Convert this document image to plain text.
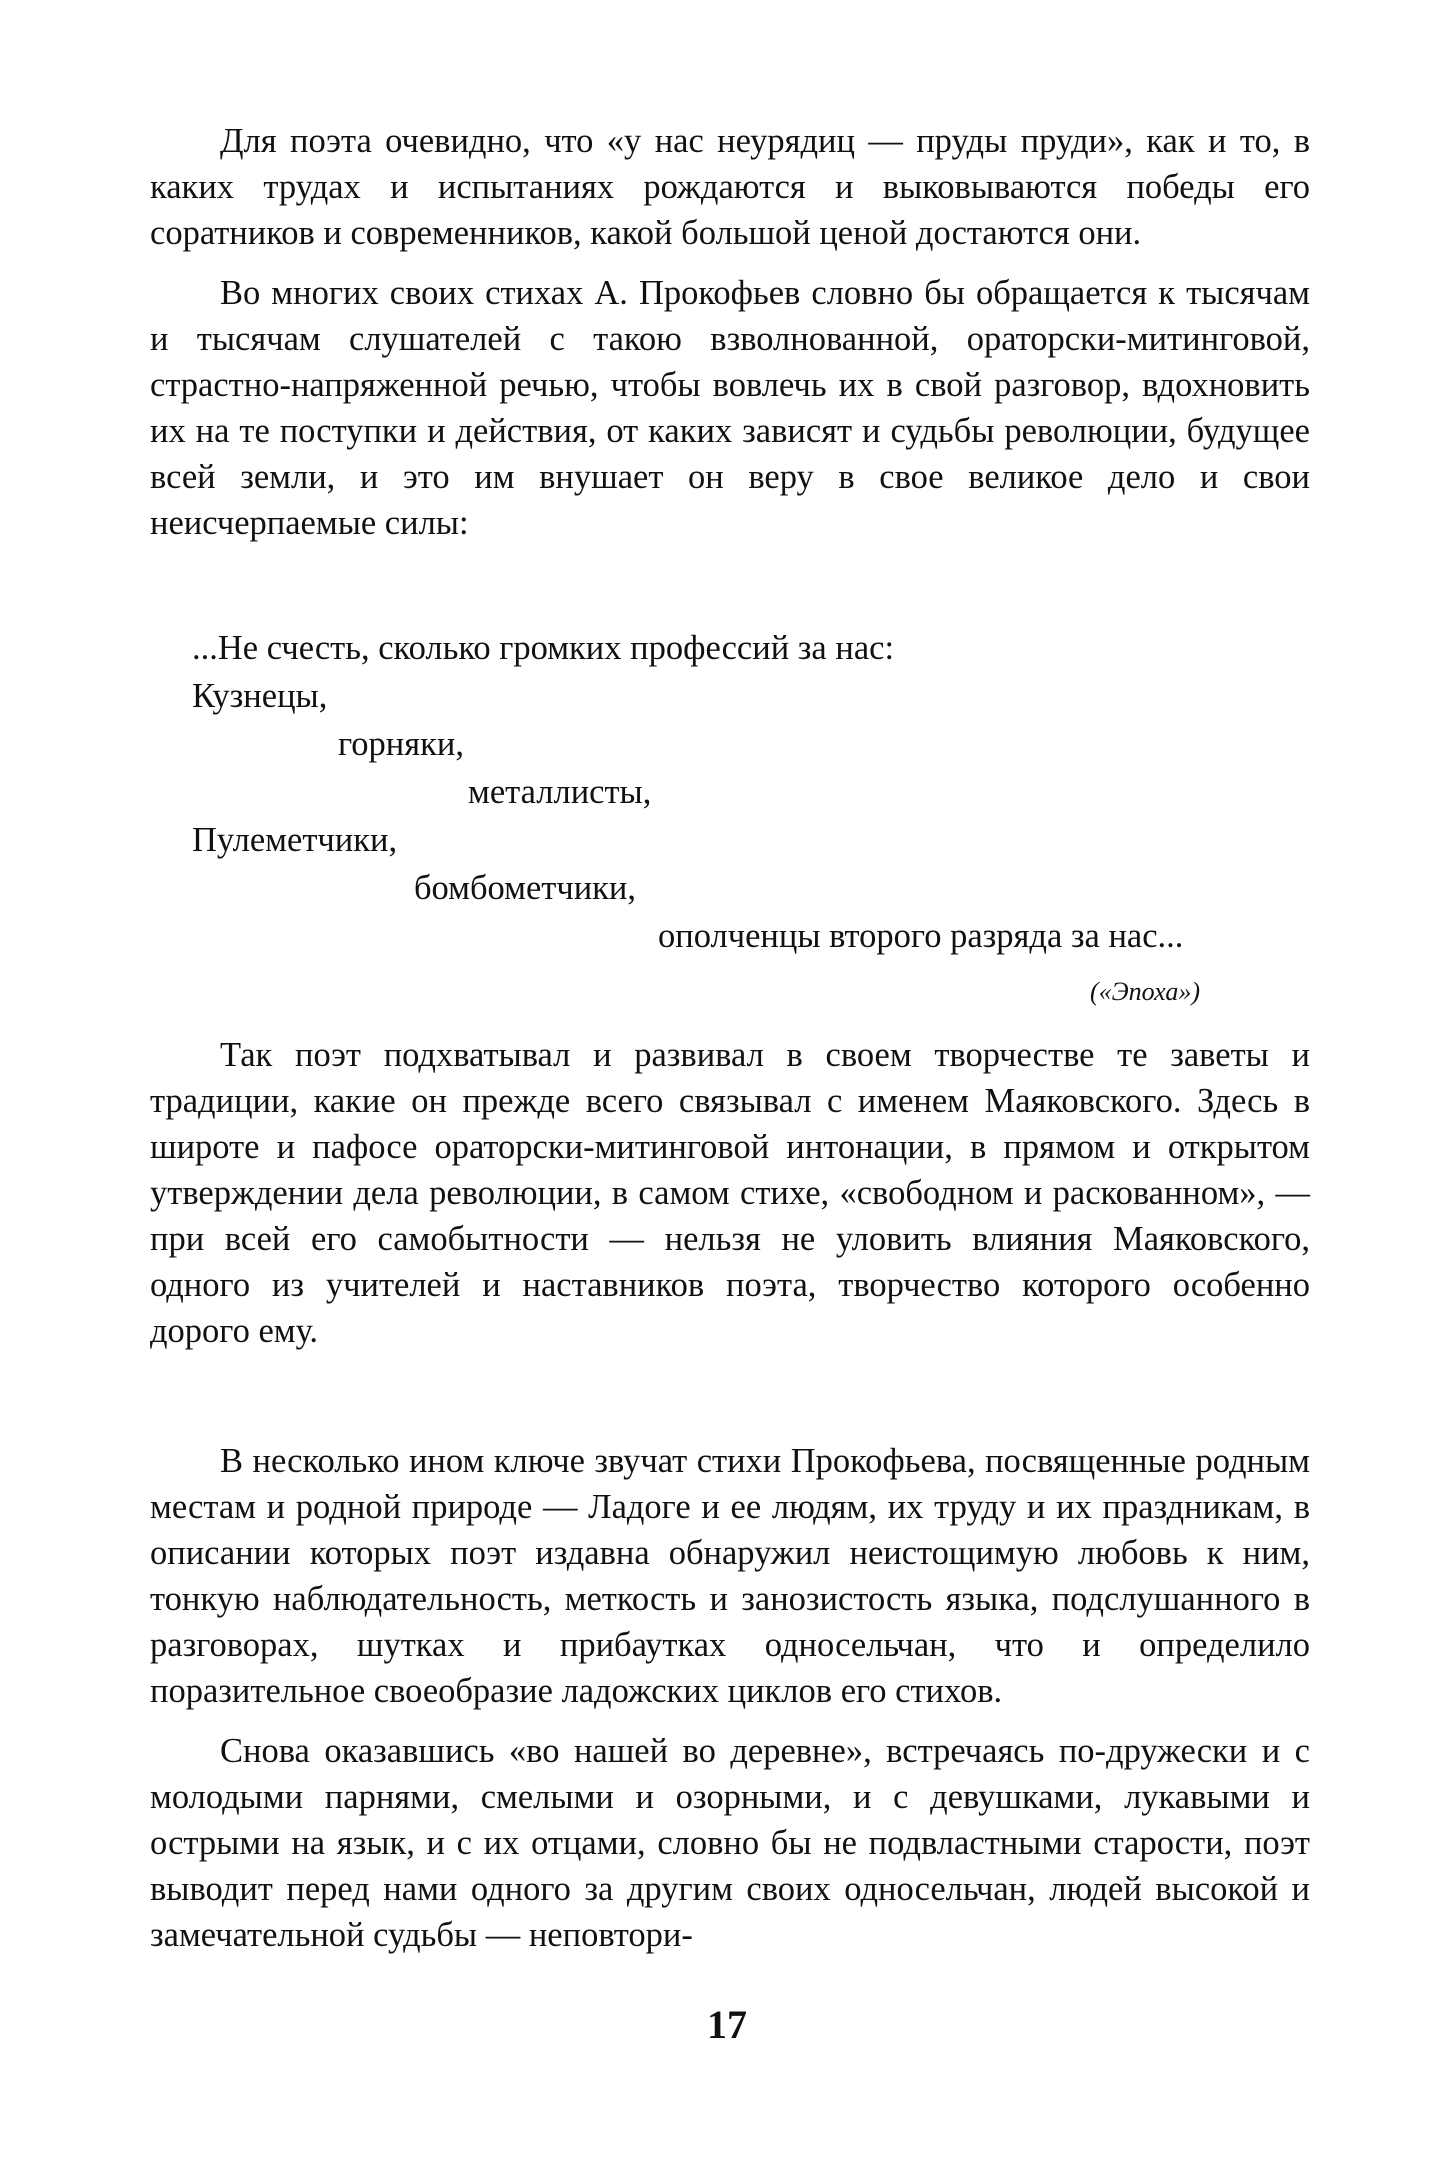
Для поэта очевидно, что «у нас неурядиц — пруды пруди», как и то, в каких трудах и испытаниях рождаются и выковываются победы его соратников и современников, какой большой ценой достаются они.

Во многих своих стихах А. Прокофьев словно бы обращается к тысячам и тысячам слушателей с такою взволнованной, ораторски-митинговой, страстно-напряженной речью, чтобы вовлечь их в свой разговор, вдохновить их на те поступки и действия, от каких зависят и судьбы революции, будущее всей земли, и это им внушает он веру в свое великое дело и свои неисчерпаемые силы:

...Не счесть, сколько громких профессий за нас:
Кузнецы,
горняки,
металлисты,
Пулеметчики,
бомбометчики,
ополченцы второго разряда за нас...
(«Эпоха»)

Так поэт подхватывал и развивал в своем творчестве те заветы и традиции, какие он прежде всего связывал с именем Маяковского. Здесь в широте и пафосе ораторски-митинговой интонации, в прямом и открытом утверждении дела революции, в самом стихе, «свободном и раскованном», — при всей его самобытности — нельзя не уловить влияния Маяковского, одного из учителей и наставников поэта, творчество которого особенно дорого ему.

В несколько ином ключе звучат стихи Прокофьева, посвященные родным местам и родной природе — Ладоге и ее людям, их труду и их праздникам, в описании которых поэт издавна обнаружил неистощимую любовь к ним, тонкую наблюдательность, меткость и занозистость языка, подслушанного в разговорах, шутках и прибаутках односельчан, что и определило поразительное своеобразие ладожских циклов его стихов.

Снова оказавшись «во нашей во деревне», встречаясь по-дружески и с молодыми парнями, смелыми и озорными, и с девушками, лукавыми и острыми на язык, и с их отцами, словно бы не подвластными старости, поэт выводит перед нами одного за другим своих односельчан, людей высокой и замечательной судьбы — неповтори-

17
